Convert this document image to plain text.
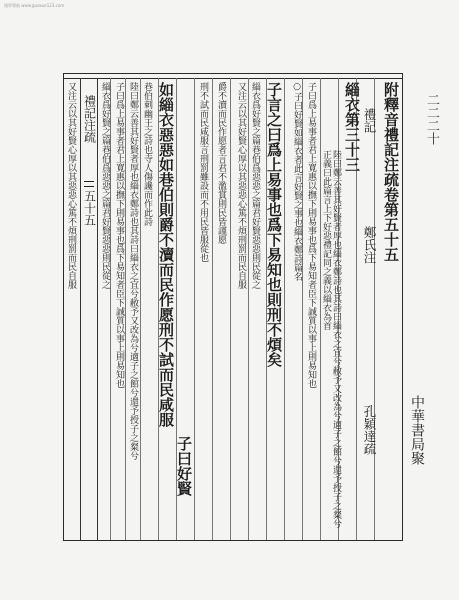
國學導航 www.guoxue123.com
附釋音禮記注疏卷第五十五
禮記
鄭氏注
孔穎達疏
緇衣第三十三
陸曰鄭云善其好賢者厚也緇衣鄭詩也其詩曰緇衣之宜兮敝予又改為兮適子之館兮還予授子之粲兮
正義曰此篇言上下好惡禮記同之義以緇衣為首
子曰爲上易事者君上寬惠以撫下則易事也爲下易知者臣下誠質以事上則易知也
○子曰好賢如緇衣者此言好賢之事也緇衣鄭詩篇名
子言之曰爲上易事也爲下易知也則刑不煩矣
緇衣爲好賢之篇巷伯爲惡惡之篇君好賢惡惡則民從之
又注云以其好賢心厚以其惡惡心篤不煩刑罰而民自服
爵不瀆而民作愿者言君不濫賞則民皆謹愿
刑不試而民咸服言刑罰雖設而不用民皆服從也
子曰好賢
如緇衣惡惡如巷伯則爵不瀆而民作愿刑不試而民咸服
巷伯刺幽王之詩也寺人傷讒而作此詩
陸曰鄭云善其好賢者厚也緇衣鄭詩也其詩曰緇衣之宜兮敝予又改為兮適子之館兮還予授子之粲兮
子曰爲上易事者君上寬惠以撫下則易事也爲下易知者臣下誠質以事上則易知也
緇衣爲好賢之篇巷伯爲惡惡之篇君好賢惡惡則民從之
禮記注疏
五十五
又注云以其好賢心厚以其惡惡心篤不煩刑罰而民自服	二二二十
中華書局聚
